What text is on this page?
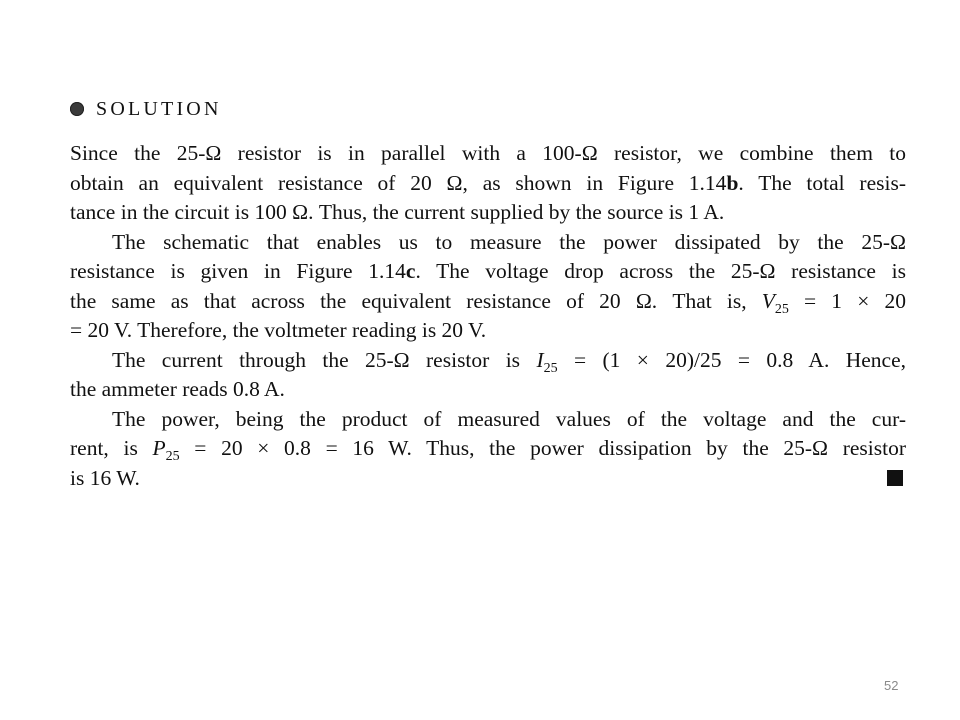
SOLUTION
Since the 25-Ω resistor is in parallel with a 100-Ω resistor, we combine them to
obtain an equivalent resistance of 20 Ω, as shown in Figure 1.14b. The total resis-
tance in the circuit is 100 Ω. Thus, the current supplied by the source is 1 A.
The schematic that enables us to measure the power dissipated by the 25-Ω
resistance is given in Figure 1.14c. The voltage drop across the 25-Ω resistance is
the same as that across the equivalent resistance of 20 Ω. That is, $V_{25} = 1 \times 20$
= 20 V. Therefore, the voltmeter reading is 20 V.
The current through the 25-Ω resistor is $I_{25} = (1 \times 20)/25 = 0.8$ A. Hence,
the ammeter reads 0.8 A.
The power, being the product of measured values of the voltage and the cur-
rent, is $P_{25} = 20 \times 0.8 = 16$ W. Thus, the power dissipation by the 25-Ω resistor
is 16 W.
52
